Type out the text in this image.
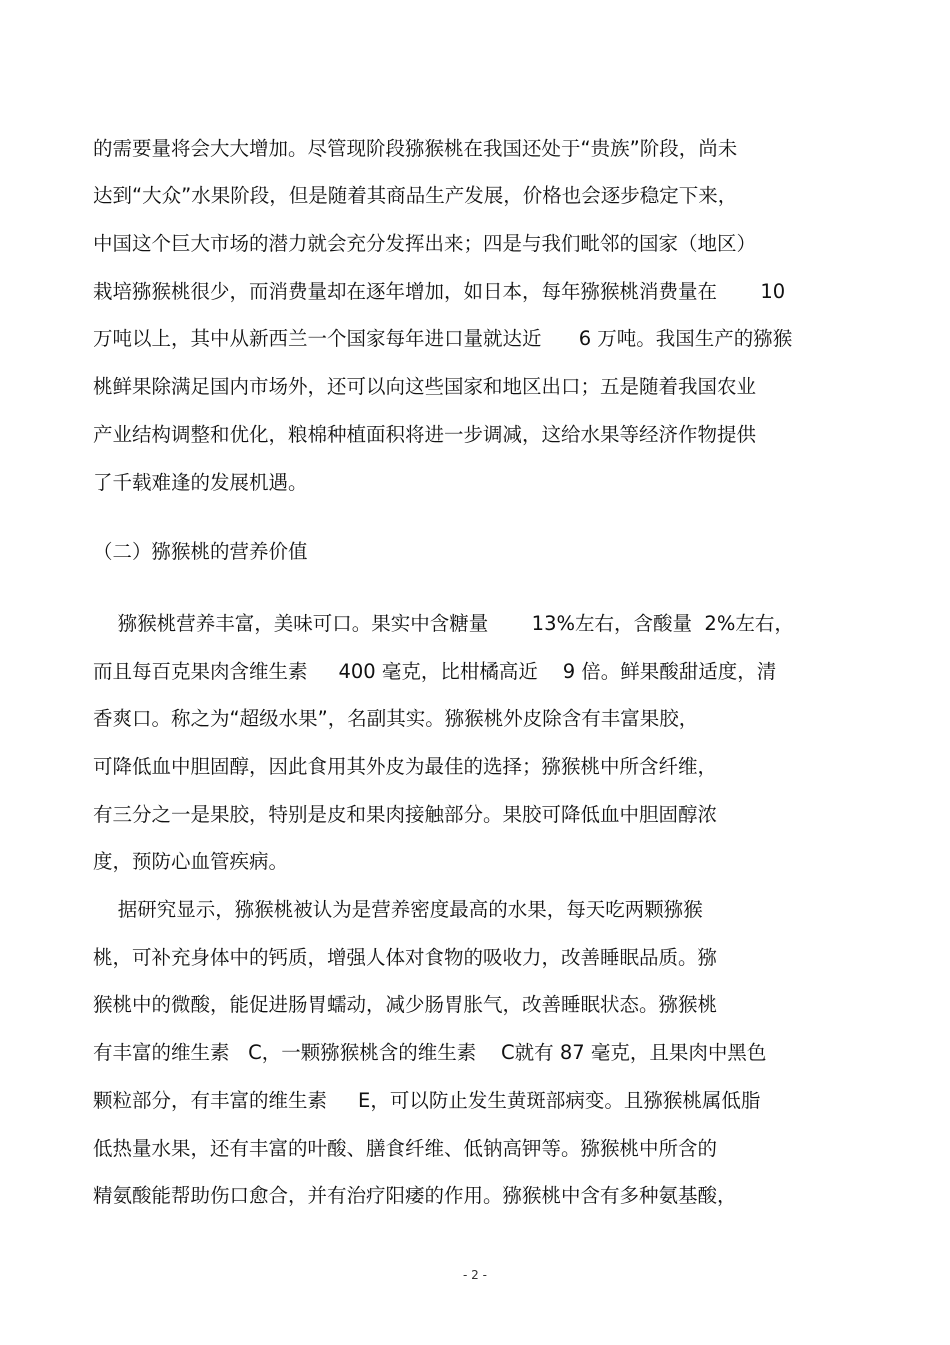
的需要量将会大大增加。尽管现阶段猕猴桃在我国还处于“贵族”阶段，尚未
达到“大众”水果阶段，但是随着其商品生产发展，价格也会逐步稳定下来，
中国这个巨大市场的潜力就会充分发挥出来；四是与我们毗邻的国家（地区）
栽培猕猴桃很少，而消费量却在逐年增加，如日本，每年猕猴桃消费量在       10
万吨以上，其中从新西兰一个国家每年进口量就达近      6 万吨。我国生产的猕猴
桃鲜果除满足国内市场外，还可以向这些国家和地区出口；五是随着我国农业
产业结构调整和优化，粮棉种植面积将进一步调减，这给水果等经济作物提供
了千载难逢的发展机遇。
（二）猕猴桃的营养价值
猕猴桃营养丰富，美味可口。果实中含糖量       13%左右，含酸量  2%左右，
而且每百克果肉含维生素     400 毫克，比柑橘高近    9 倍。鲜果酸甜适度，清
香爽口。称之为“超级水果”，名副其实。猕猴桃外皮除含有丰富果胶，
可降低血中胆固醇，因此食用其外皮为最佳的选择；猕猴桃中所含纤维，
有三分之一是果胶，特别是皮和果肉接触部分。果胶可降低血中胆固醇浓
度，预防心血管疾病。
据研究显示，猕猴桃被认为是营养密度最高的水果，每天吃两颗猕猴
桃，可补充身体中的钙质，增强人体对食物的吸收力，改善睡眠品质。猕
猴桃中的微酸，能促进肠胃蠕动，减少肠胃胀气，改善睡眠状态。猕猴桃
有丰富的维生素   C，一颗猕猴桃含的维生素    C就有 87 毫克，且果肉中黑色
颗粒部分，有丰富的维生素     E，可以防止发生黄斑部病变。且猕猴桃属低脂
低热量水果，还有丰富的叶酸、膳食纤维、低钠高钾等。猕猴桃中所含的
精氨酸能帮助伤口愈合，并有治疗阳痿的作用。猕猴桃中含有多种氨基酸，
- 2 -
